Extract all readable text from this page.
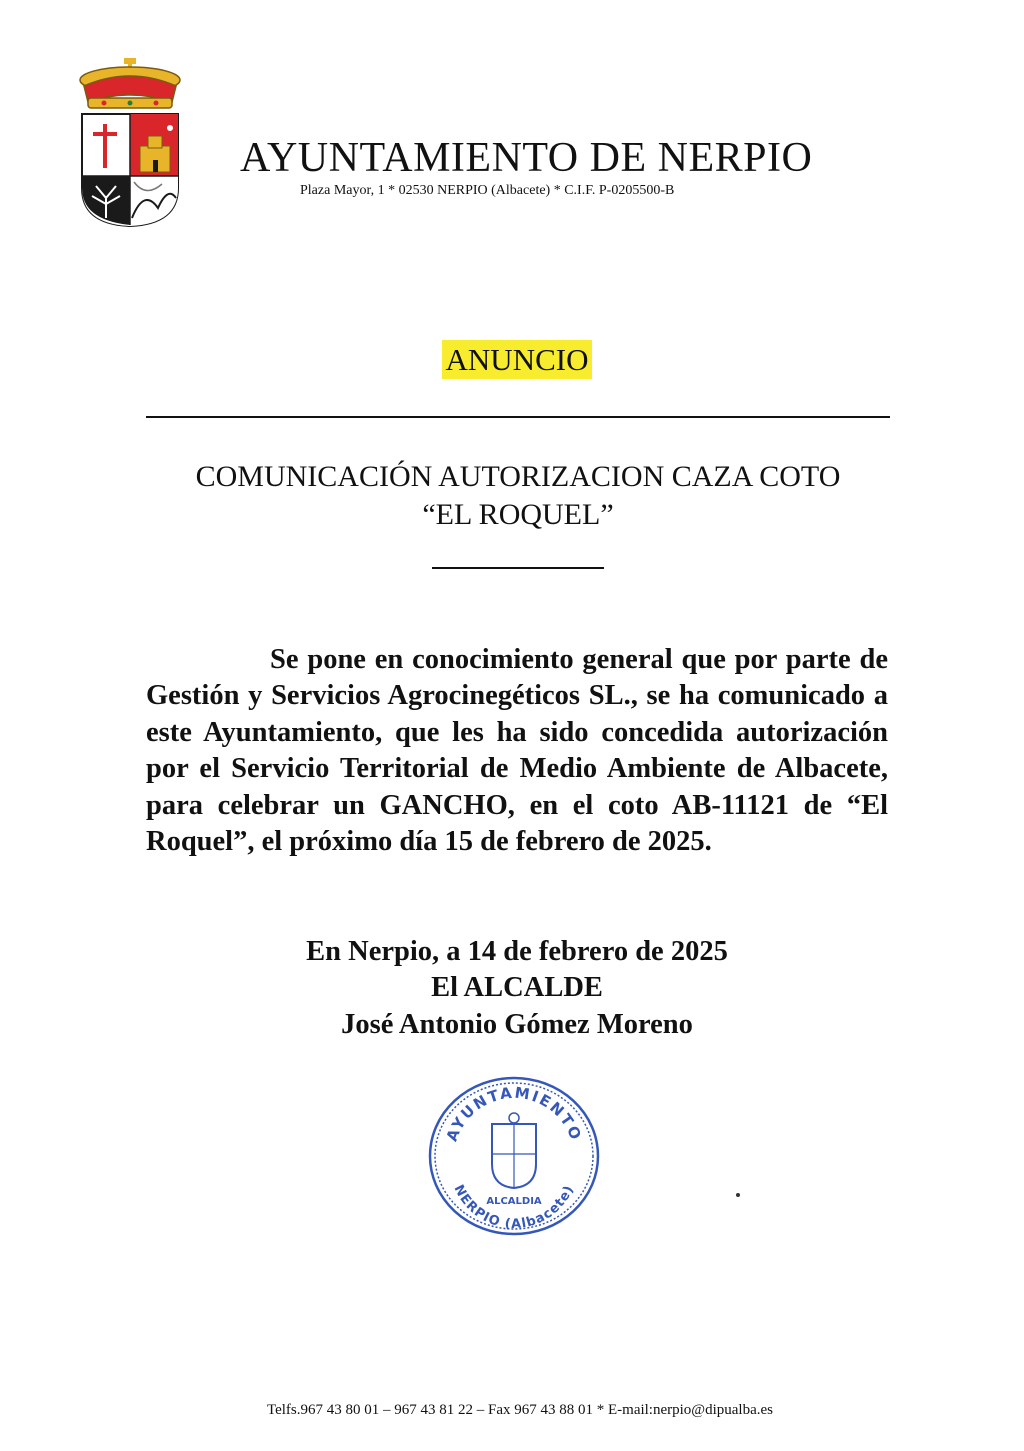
AYUNTAMIENTO DE NERPIO
Plaza Mayor, 1 * 02530 NERPIO (Albacete) * C.I.F. P-0205500-B
ANUNCIO
COMUNICACIÓN AUTORIZACION CAZA COTO
“EL ROQUEL”
Se pone en conocimiento general que por parte de Gestión y Servicios Agrocinegéticos SL., se ha comunicado a este Ayuntamiento, que les ha sido concedida autorización por el Servicio Territorial de Medio Ambiente de Albacete, para celebrar un GANCHO, en el coto AB-11121 de “El Roquel”, el próximo día 15 de febrero de 2025.
En Nerpio, a 14 de febrero de 2025
El ALCALDE
José Antonio Gómez Moreno
AYUNTAMIENTO
NERPIO (Albacete)
ALCALDIA
Telfs.967 43 80 01 – 967 43 81 22 – Fax 967 43 88 01 * E-mail:nerpio@dipualba.es
